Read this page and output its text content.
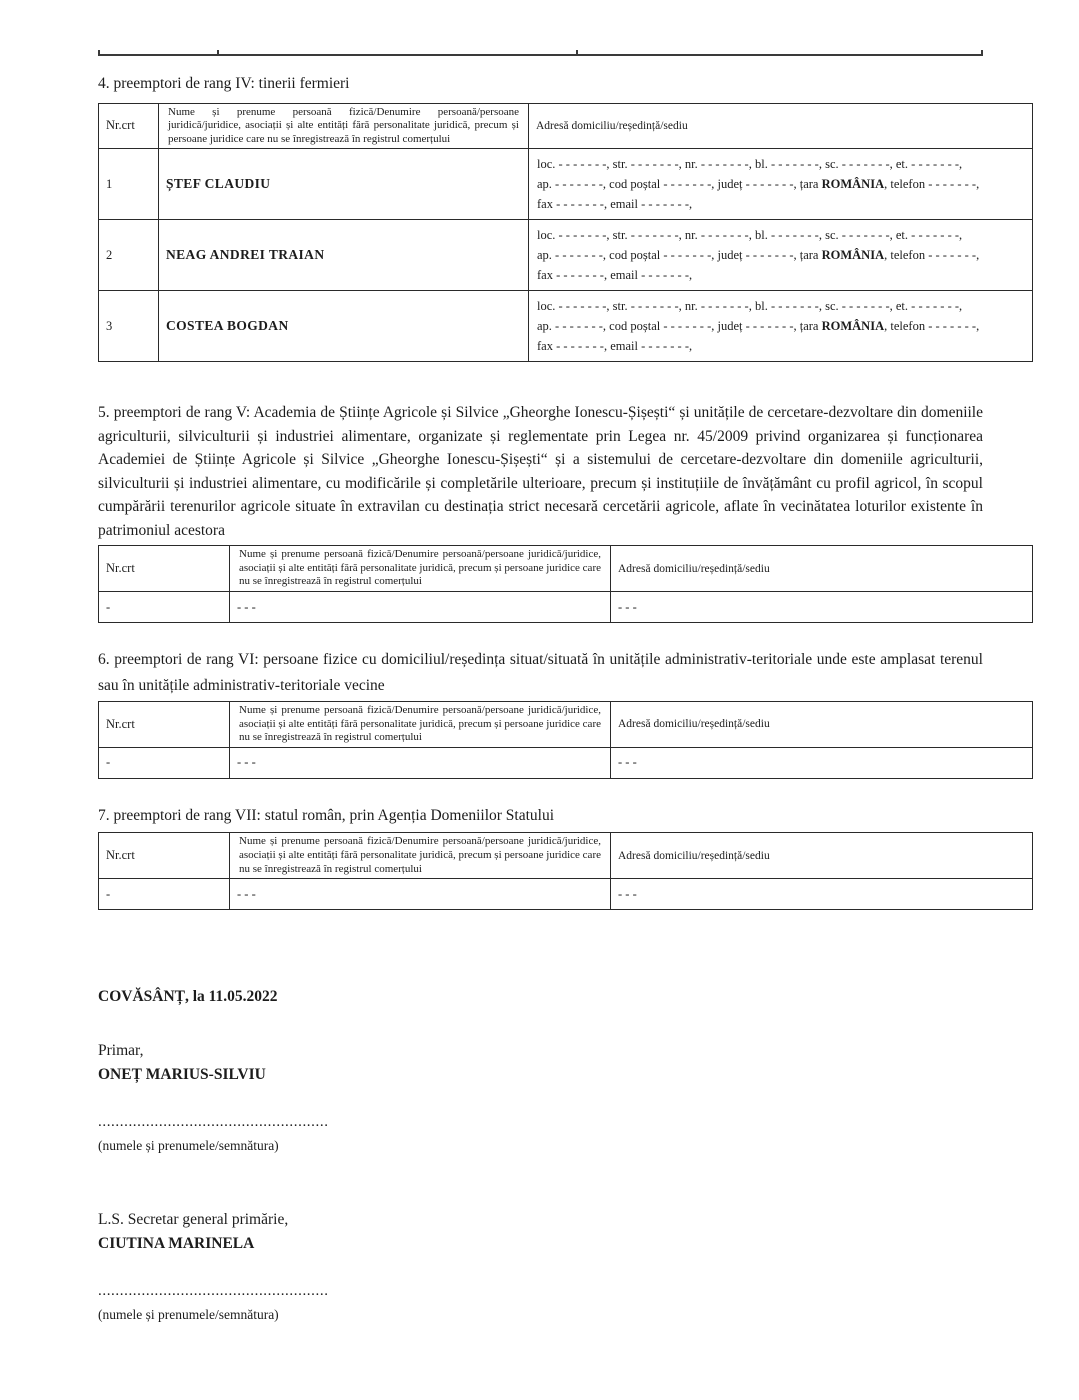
4. preemptori de rang IV: tinerii fermieri

Nr.crt	Nume și prenume persoană fizică/Denumire persoană/persoane juridică/juridice, asociații și alte entități fără personalitate juridică, precum și persoane juridice care nu se înregistrează în registrul comerțului	Adresă domiciliu/reședință/sediu
1	ȘTEF CLAUDIU	loc. - - - - - - -, str. - - - - - - -, nr. - - - - - - -, bl. - - - - - - -, sc. - - - - - - -, et. - - - - - - -,
ap. - - - - - - -, cod poștal - - - - - - -, județ - - - - - - -, țara ROMÂNIA, telefon - - - - - - -,
fax - - - - - - -, email - - - - - - -,
2	NEAG ANDREI TRAIAN	loc. - - - - - - -, str. - - - - - - -, nr. - - - - - - -, bl. - - - - - - -, sc. - - - - - - -, et. - - - - - - -,
ap. - - - - - - -, cod poștal - - - - - - -, județ - - - - - - -, țara ROMÂNIA, telefon - - - - - - -,
fax - - - - - - -, email - - - - - - -,
3	COSTEA BOGDAN	loc. - - - - - - -, str. - - - - - - -, nr. - - - - - - -, bl. - - - - - - -, sc. - - - - - - -, et. - - - - - - -,
ap. - - - - - - -, cod poștal - - - - - - -, județ - - - - - - -, țara ROMÂNIA, telefon - - - - - - -,
fax - - - - - - -, email - - - - - - -,

5. preemptori de rang V: Academia de Științe Agricole și Silvice „Gheorghe Ionescu-Șișești“ și unitățile de cercetare-dezvoltare din domeniile agriculturii, silviculturii și industriei alimentare, organizate și reglementate prin Legea nr. 45/2009 privind organizarea și funcționarea Academiei de Științe Agricole și Silvice „Gheorghe Ionescu-Șișești“ și a sistemului de cercetare-dezvoltare din domeniile agriculturii, silviculturii și industriei alimentare, cu modificările și completările ulterioare, precum și instituțiile de învățământ cu profil agricol, în scopul cumpărării terenurilor agricole situate în extravilan cu destinația strict necesară cercetării agricole, aflate în vecinătatea loturilor existente în patrimoniul acestora

Nr.crt	Nume și prenume persoană fizică/Denumire persoană/persoane juridică/juridice, asociații și alte entități fără personalitate juridică, precum și persoane juridice care nu se înregistrează în registrul comerțului	Adresă domiciliu/reședință/sediu
-	- - -	- - -

6. preemptori de rang VI: persoane fizice cu domiciliul/reședința situat/situată în unitățile administrativ-teritoriale unde este amplasat terenul sau în unitățile administrativ-teritoriale vecine

Nr.crt	Nume și prenume persoană fizică/Denumire persoană/persoane juridică/juridice, asociații și alte entități fără personalitate juridică, precum și persoane juridice care nu se înregistrează în registrul comerțului	Adresă domiciliu/reședință/sediu
-	- - -	- - -

7. preemptori de rang VII: statul român, prin Agenția Domeniilor Statului

Nr.crt	Nume și prenume persoană fizică/Denumire persoană/persoane juridică/juridice, asociații și alte entități fără personalitate juridică, precum și persoane juridice care nu se înregistrează în registrul comerțului	Adresă domiciliu/reședință/sediu
-	- - -	- - -

COVĂSÂNȚ, la 11.05.2022

Primar,

ONEȚ MARIUS-SILVIU

.....................................................

(numele și prenumele/semnătura)

L.S. Secretar general primărie,

CIUTINA MARINELA

.....................................................

(numele și prenumele/semnătura)
